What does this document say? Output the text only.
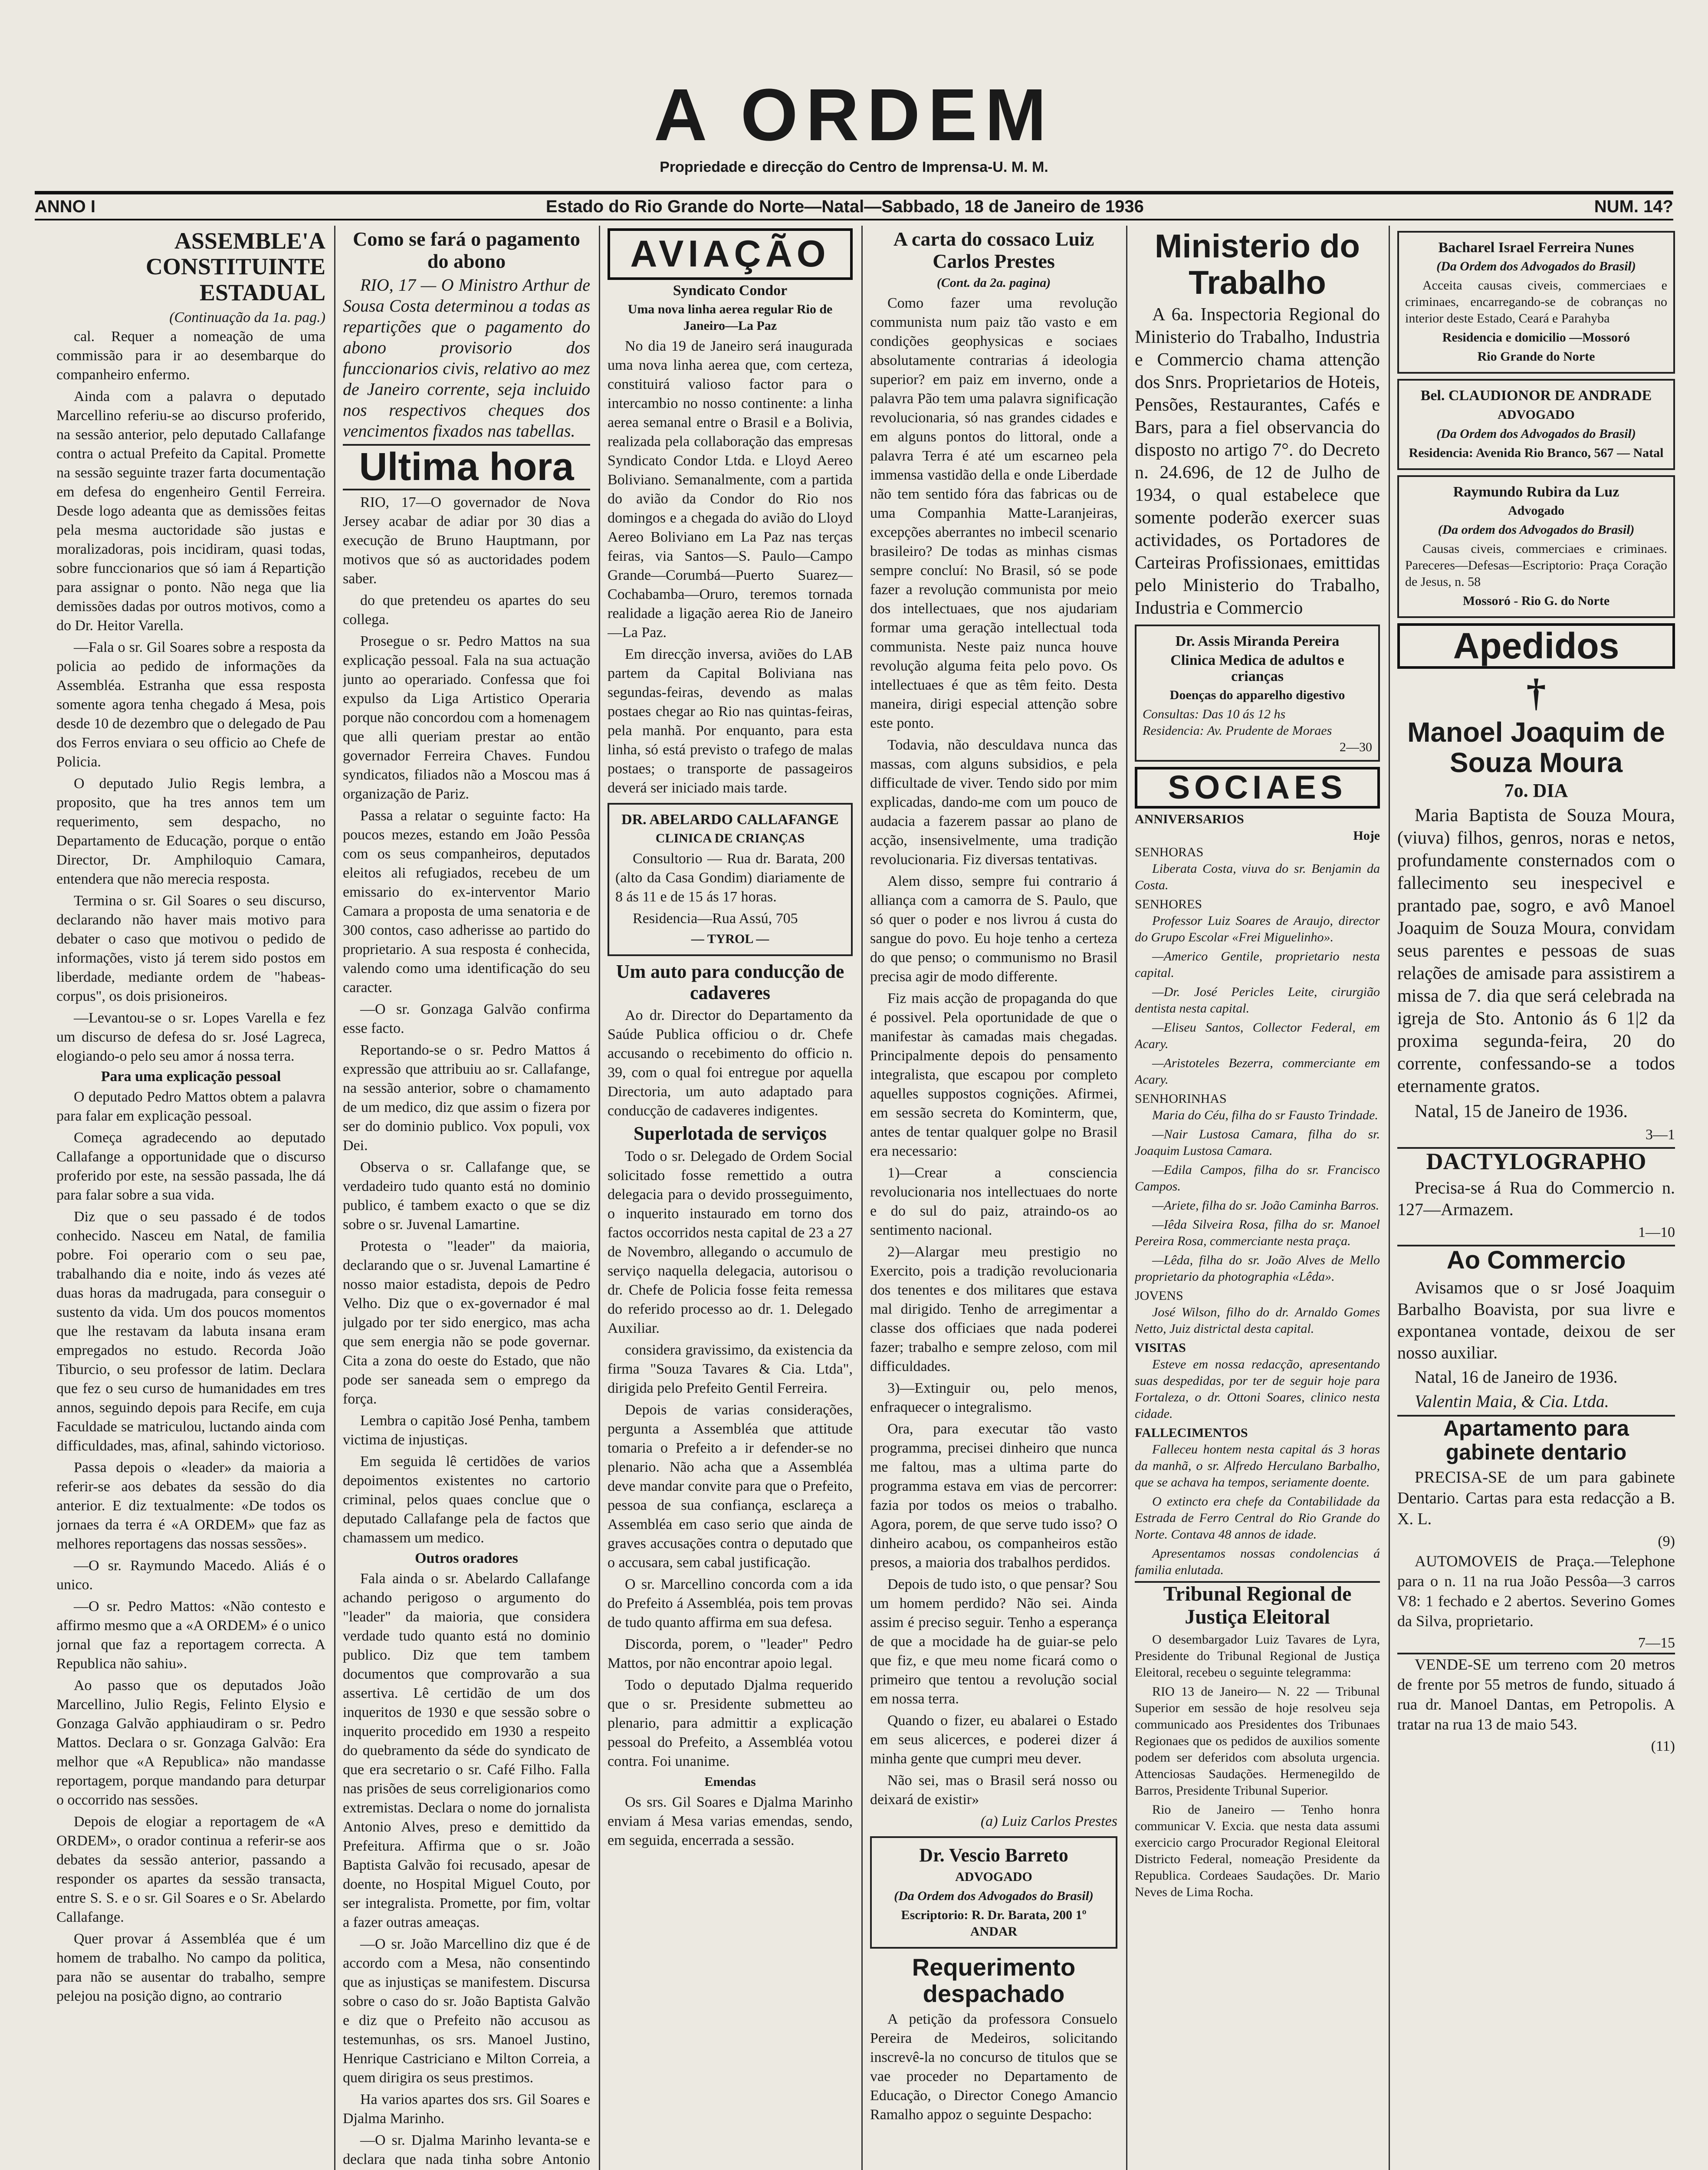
A ORDEM
Propriedade e direcção do Centro de Imprensa-U. M. M.
ANNO I	Estado do Rio Grande do Norte—Natal—Sabbado, 18 de Janeiro de 1936	NUM. 14?
ASSEMBLE'A CONSTITUINTE ESTADUAL
(Continuação da 1a. pag.)

cal. Requer a nomeação de uma commissão para ir ao desembarque do companheiro enfermo.

Ainda com a palavra o deputado Marcellino referiu-se ao discurso proferido, na sessão anterior, pelo deputado Callafange contra o actual Prefeito da Capital. Promette na sessão seguinte trazer farta documentação em defesa do engenheiro Gentil Ferreira. Desde logo adeanta que as demissões feitas pela mesma auctoridade são justas e moralizadoras, pois incidiram, quasi todas, sobre funccionarios que só iam á Repartição para assignar o ponto. Não nega que lia demissões dadas por outros motivos, como a do Dr. Heitor Varella.

—Fala o sr. Gil Soares sobre a resposta da policia ao pedido de informações da Assembléa. Estranha que essa resposta somente agora tenha chegado á Mesa, pois desde 10 de dezembro que o delegado de Pau dos Ferros enviara o seu officio ao Chefe de Policia.

O deputado Julio Regis lembra, a proposito, que ha tres annos tem um requerimento, sem despacho, no Departamento de Educação, porque o então Director, Dr. Amphiloquio Camara, entendera que não merecia resposta.

Termina o sr. Gil Soares o seu discurso, declarando não haver mais motivo para debater o caso que motivou o pedido de informações, visto já terem sido postos em liberdade, mediante ordem de "habeas-corpus", os dois prisioneiros.

—Levantou-se o sr. Lopes Varella e fez um discurso de defesa do sr. José Lagreca, elogiando-o pelo seu amor á nossa terra.

Para uma explicação pessoal

O deputado Pedro Mattos obtem a palavra para falar em explicação pessoal.

Começa agradecendo ao deputado Callafange a opportunidade que o discurso proferido por este, na sessão passada, lhe dá para falar sobre a sua vida.

Diz que o seu passado é de todos conhecido. Nasceu em Natal, de familia pobre. Foi operario com o seu pae, trabalhando dia e noite, indo ás vezes até duas horas da madrugada, para conseguir o sustento da vida. Um dos poucos momentos que lhe restavam da labuta insana eram empregados no estudo. Recorda João Tiburcio, o seu professor de latim. Declara que fez o seu curso de humanidades em tres annos, seguindo depois para Recife, em cuja Faculdade se matriculou, luctando ainda com difficuldades, mas, afinal, sahindo victorioso.

Passa depois o «leader» da maioria a referir-se aos debates da sessão do dia anterior. E diz textualmente: «De todos os jornaes da terra é «A ORDEM» que faz as melhores reportagens das nossas sessões».

—O sr. Raymundo Macedo. Aliás é o unico.

—O sr. Pedro Mattos: «Não contesto e affirmo mesmo que a «A ORDEM» é o unico jornal que faz a reportagem correcta. A Republica não sahiu».

Ao passo que os deputados João Marcellino, Julio Regis, Felinto Elysio e Gonzaga Galvão apphiaudiram o sr. Pedro Mattos. Declara o sr. Gonzaga Galvão: Era melhor que «A Republica» não mandasse reportagem, porque mandando para deturpar o occorrido nas sessões.

Depois de elogiar a reportagem de «A ORDEM», o orador continua a referir-se aos debates da sessão anterior, passando a responder os apartes da sessão transacta, entre S. S. e o sr. Gil Soares e o Sr. Abelardo Callafange.

Quer provar á Assembléa que é um homem de trabalho. No campo da politica, para não se ausentar do trabalho, sempre pelejou na posição digno, ao contrario

Como se fará o pagamento do abono

RIO, 17 — O Ministro Arthur de Sousa Costa determinou a todas as repartições que o pagamento do abono provisorio dos funccionarios civis, relativo ao mez de Janeiro corrente, seja incluido nos respectivos cheques dos vencimentos fixados nas tabellas.

Ultima hora

RIO, 17—O governador de Nova Jersey acabar de adiar por 30 dias a execução de Bruno Hauptmann, por motivos que só as auctoridades podem saber.

do que pretendeu os apartes do seu collega.

Prosegue o sr. Pedro Mattos na sua explicação pessoal. Fala na sua actuação junto ao operariado. Confessa que foi expulso da Liga Artistico Operaria porque não concordou com a homenagem que alli queriam prestar ao então governador Ferreira Chaves. Fundou syndicatos, filiados não a Moscou mas á organização de Pariz.

Passa a relatar o seguinte facto: Ha poucos mezes, estando em João Pessôa com os seus companheiros, deputados eleitos ali refugiados, recebeu de um emissario do ex-interventor Mario Camara a proposta de uma senatoria e de 300 contos, caso adherisse ao partido do proprietario. A sua resposta é conhecida, valendo como uma identificação do seu caracter.

—O sr. Gonzaga Galvão confirma esse facto.

Reportando-se o sr. Pedro Mattos á expressão que attribuiu ao sr. Callafange, na sessão anterior, sobre o chamamento de um medico, diz que assim o fizera por ser do dominio publico. Vox populi, vox Dei.

Observa o sr. Callafange que, se verdadeiro tudo quanto está no dominio publico, é tambem exacto o que se diz sobre o sr. Juvenal Lamartine.

Protesta o "leader" da maioria, declarando que o sr. Juvenal Lamartine é nosso maior estadista, depois de Pedro Velho. Diz que o ex-governador é mal julgado por ter sido energico, mas acha que sem energia não se pode governar. Cita a zona do oeste do Estado, que não pode ser saneada sem o emprego da força.

Lembra o capitão José Penha, tambem victima de injustiças.

Em seguida lê certidões de varios depoimentos existentes no cartorio criminal, pelos quaes conclue que o deputado Callafange pela de factos que chamassem um medico.

Outros oradores

Fala ainda o sr. Abelardo Callafange achando perigoso o argumento do "leader" da maioria, que considera verdade tudo quanto está no dominio publico. Diz que tem tambem documentos que comprovarão a sua assertiva. Lê certidão de um dos inqueritos de 1930 e que sessão sobre o inquerito procedido em 1930 a respeito do quebramento da séde do syndicato de que era secretario o sr. Café Filho. Falla nas prisões de seus correligionarios como extremistas. Declara o nome do jornalista Antonio Alves, preso e demittido da Prefeitura. Affirma que o sr. João Baptista Galvão foi recusado, apesar de doente, no Hospital Miguel Couto, por ser integralista. Promette, por fim, voltar a fazer outras ameaças.

—O sr. João Marcellino diz que é de accordo com a Mesa, não consentindo que as injustiças se manifestem. Discursa sobre o caso do sr. João Baptista Galvão e diz que o Prefeito não accusou as testemunhas, os srs. Manoel Justino, Henrique Castriciano e Milton Correia, a quem dirigira os seus prestimos.

Ha varios apartes dos srs. Gil Soares e Djalma Marinho.

—O sr. Djalma Marinho levanta-se e declara que nada tinha sobre Antonio

AVIAÇÃO
Syndicato Condor
Uma nova linha aerea regular Rio de Janeiro—La Paz

No dia 19 de Janeiro será inaugurada uma nova linha aerea que, com certeza, constituirá valioso factor para o intercambio no nosso continente: a linha aerea semanal entre o Brasil e a Bolivia, realizada pela collaboração das empresas Syndicato Condor Ltda. e Lloyd Aereo Boliviano. Semanalmente, com a partida do avião da Condor do Rio nos domingos e a chegada do avião do Lloyd Aereo Boliviano em La Paz nas terças feiras, via Santos—S. Paulo—Campo Grande—Corumbá—Puerto Suarez—Cochabamba—Oruro, teremos tornada realidade a ligação aerea Rio de Janeiro—La Paz.

Em direcção inversa, aviões do LAB partem da Capital Boliviana nas segundas-feiras, devendo as malas postaes chegar ao Rio nas quintas-feiras, pela manhã. Por enquanto, para esta linha, só está previsto o trafego de malas postaes; o transporte de passageiros deverá ser iniciado mais tarde.

DR. ABELARDO CALLAFANGE
CLINICA DE CRIANÇAS

Consultorio — Rua dr. Barata, 200 (alto da Casa Gondim) diariamente de 8 ás 11 e de 15 ás 17 horas.

Residencia—Rua Assú, 705

— TYROL —
Um auto para conducção de cadaveres

Ao dr. Director do Departamento da Saúde Publica officiou o dr. Chefe accusando o recebimento do officio n. 39, com o qual foi entregue por aquella Directoria, um auto adaptado para conducção de cadaveres indigentes.

Superlotada de serviços

Todo o sr. Delegado de Ordem Social solicitado fosse remettido a outra delegacia para o devido prosseguimento, o inquerito instaurado em torno dos factos occorridos nesta capital de 23 a 27 de Novembro, allegando o accumulo de serviço naquella delegacia, autorisou o dr. Chefe de Policia fosse feita remessa do referido processo ao dr. 1. Delegado Auxiliar.

considera gravissimo, da existencia da firma "Souza Tavares & Cia. Ltda", dirigida pelo Prefeito Gentil Ferreira.

Depois de varias considerações, pergunta a Assembléa que attitude tomaria o Prefeito a ir defender-se no plenario. Não acha que a Assembléa deve mandar convite para que o Prefeito, pessoa de sua confiança, esclareça a Assembléa em caso serio que ainda de graves accusações contra o deputado que o accusara, sem cabal justificação.

O sr. Marcellino concorda com a ida do Prefeito á Assembléa, pois tem provas de tudo quanto affirma em sua defesa.

Discorda, porem, o "leader" Pedro Mattos, por não encontrar apoio legal.

Todo o deputado Djalma requerido que o sr. Presidente submetteu ao plenario, para admittir a explicação pessoal do Prefeito, a Assembléa votou contra. Foi unanime.

Emendas

Os srs. Gil Soares e Djalma Marinho enviam á Mesa varias emendas, sendo, em seguida, encerrada a sessão.

A carta do cossaco Luiz Carlos Prestes
(Cont. da 2a. pagina)

Como fazer uma revolução communista num paiz tão vasto e em condições geophysicas e sociaes absolutamente contrarias á ideologia superior? em paiz em inverno, onde a palavra Pão tem uma palavra significação revolucionaria, só nas grandes cidades e em alguns pontos do littoral, onde a palavra Terra é até um escarneo pela immensa vastidão della e onde Liberdade não tem sentido fóra das fabricas ou de uma Companhia Matte-Laranjeiras, excepções aberrantes no imbecil scenario brasileiro? De todas as minhas cismas sempre concluí: No Brasil, só se pode fazer a revolução communista por meio dos intellectuaes, que nos ajudariam formar uma geração intellectual toda communista. Neste paiz nunca houve revolução alguma feita pelo povo. Os intellectuaes é que as têm feito. Desta maneira, dirigi especial attenção sobre este ponto.

Todavia, não desculdava nunca das massas, com alguns subsidios, e pela difficultade de viver. Tendo sido por mim explicadas, dando-me com um pouco de audacia a fazerem passar ao plano de acção, insensivelmente, uma tradição revolucionaria. Fiz diversas tentativas.

Alem disso, sempre fui contrario á alliança com a camorra de S. Paulo, que só quer o poder e nos livrou á custa do sangue do povo. Eu hoje tenho a certeza do que penso; o communismo no Brasil precisa agir de modo differente.

Fiz mais acção de propaganda do que é possivel. Pela oportunidade de que o manifestar às camadas mais chegadas. Principalmente depois do pensamento integralista, que escapou por completo aquelles suppostos cognições. Afirmei, em sessão secreta do Kominterm, que, antes de tentar qualquer golpe no Brasil era necessario:

1)—Crear a consciencia revolucionaria nos intellectuaes do norte e do sul do paiz, atraindo-os ao sentimento nacional.

2)—Alargar meu prestigio no Exercito, pois a tradição revolucionaria dos tenentes e dos militares que estava mal dirigido. Tenho de arregimentar a classe dos officiaes que nada poderei fazer; trabalho e sempre zeloso, com mil difficuldades.

3)—Extinguir ou, pelo menos, enfraquecer o integralismo.

Ora, para executar tão vasto programma, precisei dinheiro que nunca me faltou, mas a ultima parte do programma estava em vias de percorrer: fazia por todos os meios o trabalho. Agora, porem, de que serve tudo isso? O dinheiro acabou, os companheiros estão presos, a maioria dos trabalhos perdidos.

Depois de tudo isto, o que pensar? Sou um homem perdido? Não sei. Ainda assim é preciso seguir. Tenho a esperança de que a mocidade ha de guiar-se pelo que fiz, e que meu nome ficará como o primeiro que tentou a revolução social em nossa terra.

Quando o fizer, eu abalarei o Estado em seus alicerces, e poderei dizer á minha gente que cumpri meu dever.

Não sei, mas o Brasil será nosso ou deixará de existir»

(a) Luiz Carlos Prestes
Dr. Vescio Barreto
ADVOGADO
(Da Ordem dos Advogados do Brasil)
Escriptorio: R. Dr. Barata, 200 1º ANDAR
Requerimento despachado

A petição da professora Consuelo Pereira de Medeiros, solicitando inscrevê-la no concurso de titulos que se vae proceder no Departamento de Educação, o Director Conego Amancio Ramalho appoz o seguinte Despacho:

Ministerio do Trabalho

A 6a. Inspectoria Regional do Ministerio do Trabalho, Industria e Commercio chama attenção dos Snrs. Proprietarios de Hoteis, Pensões, Restaurantes, Cafés e Bars, para a fiel observancia do disposto no artigo 7°. do Decreto n. 24.696, de 12 de Julho de 1934, o qual estabelece que somente poderão exercer suas actividades, os Portadores de Carteiras Profissionaes, emittidas pelo Ministerio do Trabalho, Industria e Commercio

Dr. Assis Miranda Pereira
Clinica Medica de adultos e crianças
Doenças do apparelho digestivo
Consultas: Das 10 ás 12 hs
Residencia: Av. Prudente de Moraes
2—30
SOCIAES
ANNIVERSARIOS
Hoje
SENHORAS

Liberata Costa, viuva do sr. Benjamin da Costa.

SENHORES

Professor Luiz Soares de Araujo, director do Grupo Escolar «Frei Miguelinho».

—Americo Gentile, proprietario nesta capital.

—Dr. José Pericles Leite, cirurgião dentista nesta capital.

—Eliseu Santos, Collector Federal, em Acary.

—Aristoteles Bezerra, commerciante em Acary.

SENHORINHAS

Maria do Céu, filha do sr Fausto Trindade.

—Nair Lustosa Camara, filha do sr. Joaquim Lustosa Camara.

—Edila Campos, filha do sr. Francisco Campos.

—Ariete, filha do sr. João Caminha Barros.

—Iêda Silveira Rosa, filha do sr. Manoel Pereira Rosa, commerciante nesta praça.

—Lêda, filha do sr. João Alves de Mello proprietario da photographia «Lêda».

JOVENS

José Wilson, filho do dr. Arnaldo Gomes Netto, Juiz districtal desta capital.

VISITAS

Esteve em nossa redacção, apresentando suas despedidas, por ter de seguir hoje para Fortaleza, o dr. Ottoni Soares, clinico nesta cidade.

FALLECIMENTOS

Falleceu hontem nesta capital ás 3 horas da manhã, o sr. Alfredo Herculano Barbalho, que se achava ha tempos, seriamente doente.

O extincto era chefe da Contabilidade da Estrada de Ferro Central do Rio Grande do Norte. Contava 48 annos de idade.

Apresentamos nossas condolencias á familia enlutada.

Tribunal Regional de Justiça Eleitoral

O desembargador Luiz Tavares de Lyra, Presidente do Tribunal Regional de Justiça Eleitoral, recebeu o seguinte telegramma:

RIO 13 de Janeiro— N. 22 — Tribunal Superior em sessão de hoje resolveu seja communicado aos Presidentes dos Tribunaes Regionaes que os pedidos de auxilios somente podem ser deferidos com absoluta urgencia. Attenciosas Saudações. Hermenegildo de Barros, Presidente Tribunal Superior.

Rio de Janeiro — Tenho honra communicar V. Excia. que nesta data assumi exercicio cargo Procurador Regional Eleitoral Districto Federal, nomeação Presidente da Republica. Cordeaes Saudações. Dr. Mario Neves de Lima Rocha.

Bacharel Israel Ferreira Nunes
(Da Ordem dos Advogados do Brasil)

Acceita causas civeis, commerciaes e criminaes, encarregando-se de cobranças no interior deste Estado, Ceará e Parahyba

Residencia e domicilio —Mossoró
Rio Grande do Norte
Bel. CLAUDIONOR DE ANDRADE
ADVOGADO
(Da Ordem dos Advogados do Brasil)
Residencia: Avenida Rio Branco, 567 — Natal
Raymundo Rubira da Luz
Advogado
(Da ordem dos Advogados do Brasil)

Causas civeis, commerciaes e criminaes. Pareceres—Defesas—Escriptorio: Praça Coração de Jesus, n. 58

Mossoró - Rio G. do Norte
Apedidos
†
Manoel Joaquim de Souza Moura
7o. DIA

Maria Baptista de Souza Moura, (viuva) filhos, genros, noras e netos, profundamente consternados com o fallecimento seu inespecivel e prantado pae, sogro, e avô Manoel Joaquim de Souza Moura, convidam seus parentes e pessoas de suas relações de amisade para assistirem a missa de 7. dia que será celebrada na igreja de Sto. Antonio ás 6 1|2 da proxima segunda-feira, 20 do corrente, confessando-se a todos eternamente gratos.

Natal, 15 de Janeiro de 1936.

3—1
DACTYLOGRAPHO

Precisa-se á Rua do Commercio n. 127—Armazem.

1—10
Ao Commercio

Avisamos que o sr José Joaquim Barbalho Boavista, por sua livre e expontanea vontade, deixou de ser nosso auxiliar.

Natal, 16 de Janeiro de 1936.

Valentin Maia, & Cia. Ltda.

Apartamento para gabinete dentario

PRECISA-SE de um para gabinete Dentario. Cartas para esta redacção a B. X. L.

(9)

AUTOMOVEIS de Praça.—Telephone para o n. 11 na rua João Pessôa—3 carros V8: 1 fechado e 2 abertos. Severino Gomes da Silva, proprietario.

7—15

VENDE-SE um terreno com 20 metros de frente por 55 metros de fundo, situado á rua dr. Manoel Dantas, em Petropolis. A tratar na rua 13 de maio 543.

(11)
